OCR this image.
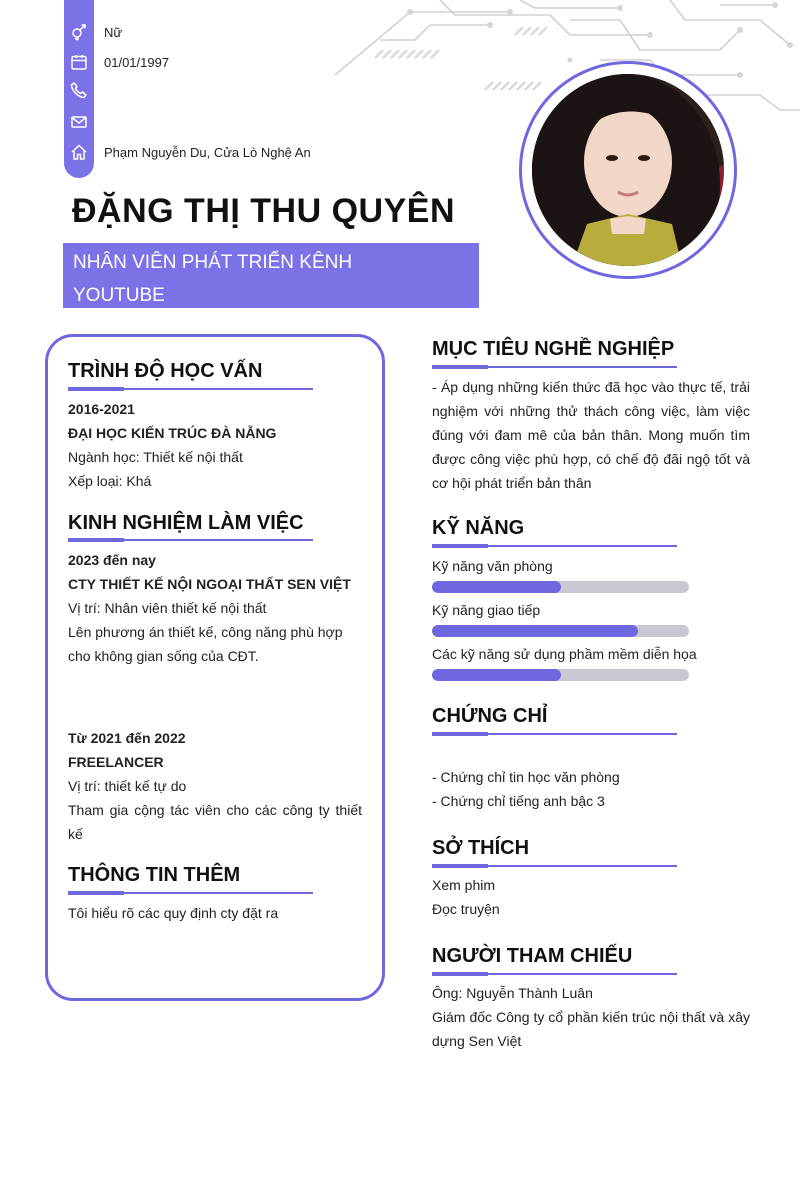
Nữ
01/01/1997
Phạm Nguyễn Du, Cửa Lò Nghệ An
ĐẶNG THỊ THU QUYÊN
NHÂN VIÊN PHÁT TRIỂN KÊNH YOUTUBE
TRÌNH ĐỘ HỌC VẤN
2016-2021
ĐẠI HỌC KIẾN TRÚC ĐÀ NẴNG
Ngành học: Thiết kế nội thất
Xếp loại: Khá
KINH NGHIỆM LÀM VIỆC
2023 đến nay
CTY THIẾT KẾ NỘI NGOẠI THẤT SEN VIỆT
Vị trí: Nhân viên thiết kế nội thất
Lên phương án thiết kế, công năng phù hợp cho không gian sống của CĐT.
Từ 2021 đến 2022
FREELANCER
Vị trí: thiết kế tự do
Tham gia cộng tác viên cho các công ty thiết kế
THÔNG TIN THÊM
Tôi hiểu rõ các quy định cty đặt ra
MỤC TIÊU NGHỀ NGHIỆP
- Áp dụng những kiến thức đã học vào thực tế, trải nghiệm với những thử thách công việc, làm việc đúng với đam mê của bản thân. Mong muốn tìm được công việc phù hợp, có chế độ đãi ngộ tốt và cơ hội phát triển bản thân
KỸ NĂNG
Kỹ năng văn phòng
Kỹ năng giao tiếp
Các kỹ năng sử dụng phầm mềm diễn họa
CHỨNG CHỈ
- Chứng chỉ tin học văn phòng
- Chứng chỉ tiếng anh bậc 3
SỞ THÍCH
Xem phim
Đọc truyện
NGƯỜI THAM CHIẾU
Ông: Nguyễn Thành Luân
Giám đốc Công ty cổ phần kiến trúc nội thất và xây dựng Sen Việt
